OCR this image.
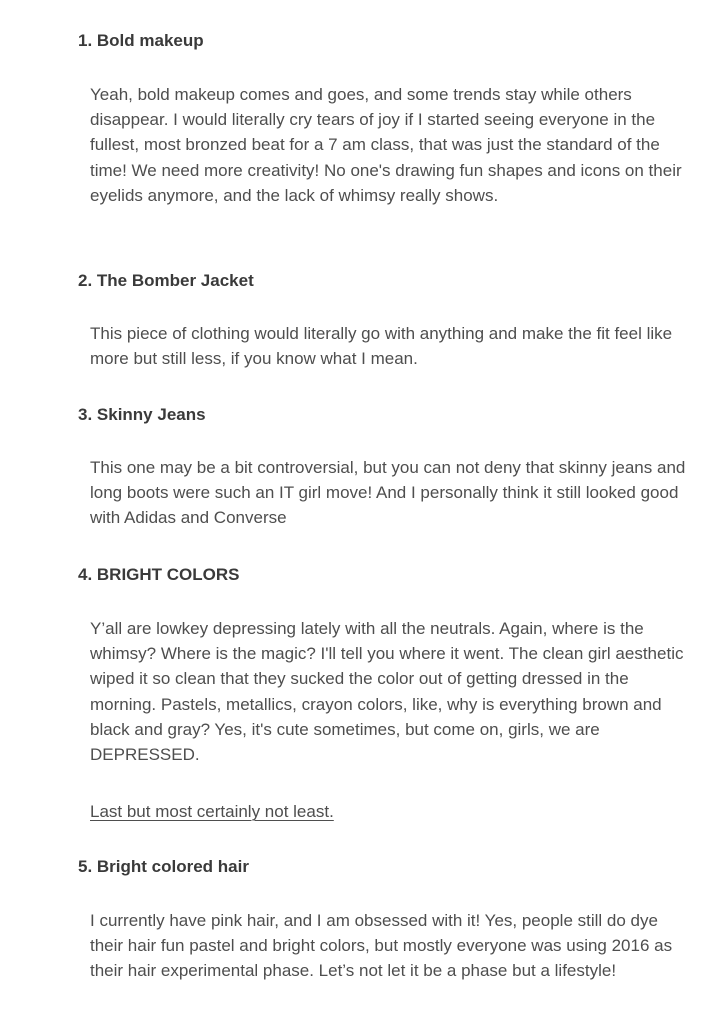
1. Bold makeup

Yeah, bold makeup comes and goes, and some trends stay while others disappear. I would literally cry tears of joy if I started seeing everyone in the fullest, most bronzed beat for a 7 am class, that was just the standard of the time! We need more creativity! No one's drawing fun shapes and icons on their eyelids anymore, and the lack of whimsy really shows.

2. The Bomber Jacket

This piece of clothing would literally go with anything and make the fit feel like more but still less, if you know what I mean.

3. Skinny Jeans

This one may be a bit controversial, but you can not deny that skinny jeans and long boots were such an IT girl move! And I personally think it still looked good with Adidas and Converse

4. BRIGHT COLORS

Y’all are lowkey depressing lately with all the neutrals. Again, where is the whimsy? Where is the magic? I'll tell you where it went. The clean girl aesthetic wiped it so clean that they sucked the color out of getting dressed in the morning. Pastels, metallics, crayon colors, like, why is everything brown and black and gray? Yes, it's cute sometimes, but come on, girls, we are DEPRESSED.

Last but most certainly not least.
5. Bright colored hair

I currently have pink hair, and I am obsessed with it! Yes, people still do dye their hair fun pastel and bright colors, but mostly everyone was using 2016 as their hair experimental phase. Let’s not let it be a phase but a lifestyle!
